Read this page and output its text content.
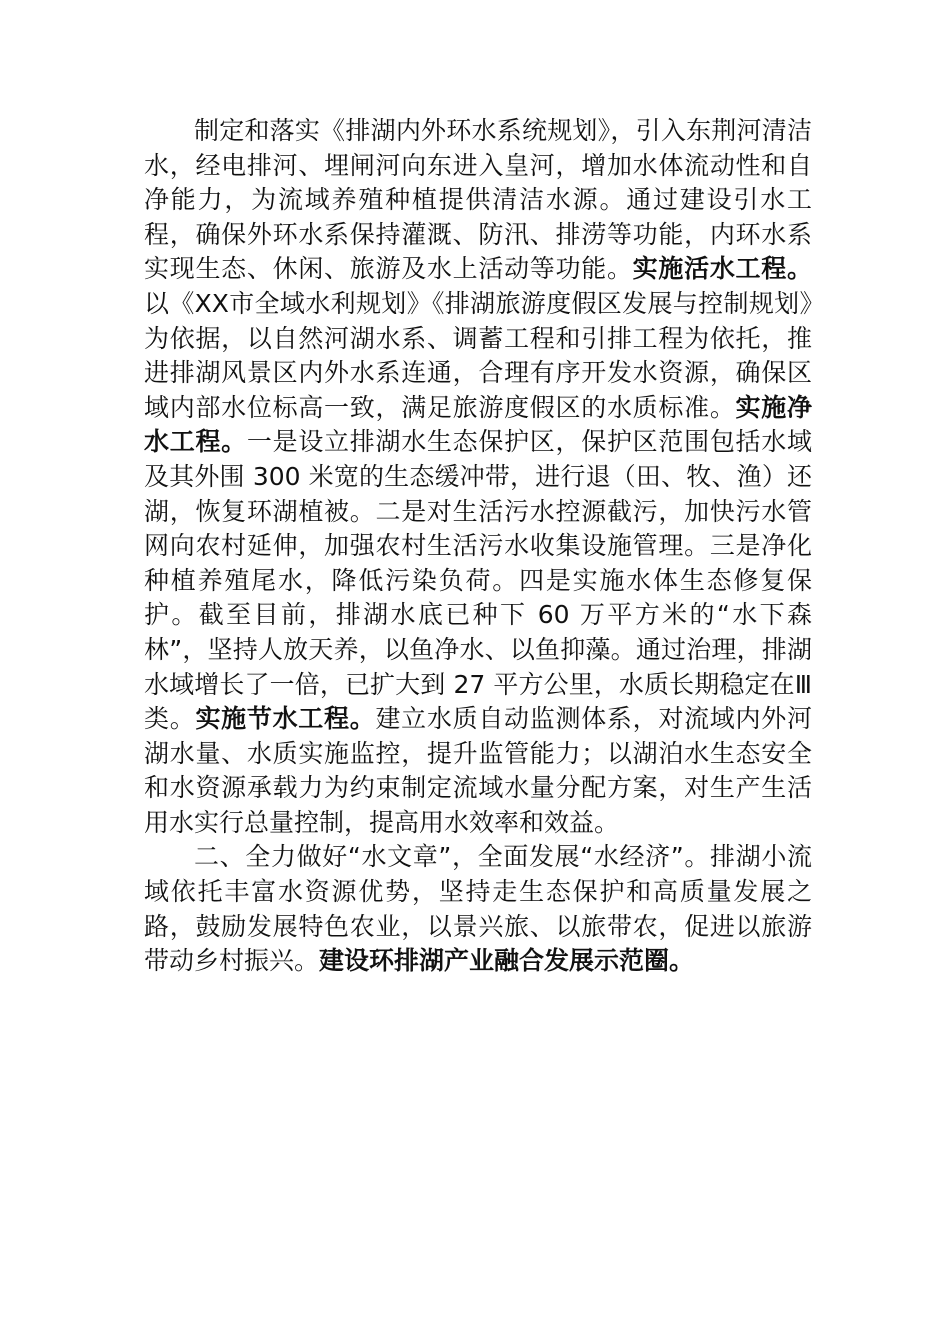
制定和落实《排湖内外环水系统规划》，引入东荆河清洁水，经电排河、埋闸河向东进入皇河，增加水体流动性和自净能力，为流域养殖种植提供清洁水源。通过建设引水工程，确保外环水系保持灌溉、防汛、排涝等功能，内环水系实现生态、休闲、旅游及水上活动等功能。实施活水工程。以《XX市全域水利规划》《排湖旅游度假区发展与控制规划》为依据，以自然河湖水系、调蓄工程和引排工程为依托，推进排湖风景区内外水系连通，合理有序开发水资源，确保区域内部水位标高一致，满足旅游度假区的水质标准。实施净水工程。一是设立排湖水生态保护区，保护区范围包括水域及其外围 300 米宽的生态缓冲带，进行退（田、牧、渔）还湖，恢复环湖植被。二是对生活污水控源截污，加快污水管网向农村延伸，加强农村生活污水收集设施管理。三是净化种植养殖尾水，降低污染负荷。四是实施水体生态修复保护。截至目前，排湖水底已种下 60 万平方米的“水下森林”，坚持人放天养，以鱼净水、以鱼抑藻。通过治理，排湖水域增长了一倍，已扩大到 27 平方公里，水质长期稳定在Ⅲ类。实施节水工程。建立水质自动监测体系，对流域内外河湖水量、水质实施监控，提升监管能力；以湖泊水生态安全和水资源承载力为约束制定流域水量分配方案，对生产生活用水实行总量控制，提高用水效率和效益。

二、全力做好“水文章”，全面发展“水经济”。排湖小流域依托丰富水资源优势，坚持走生态保护和高质量发展之路，鼓励发展特色农业，以景兴旅、以旅带农，促进以旅游带动乡村振兴。建设环排湖产业融合发展示范圈。
